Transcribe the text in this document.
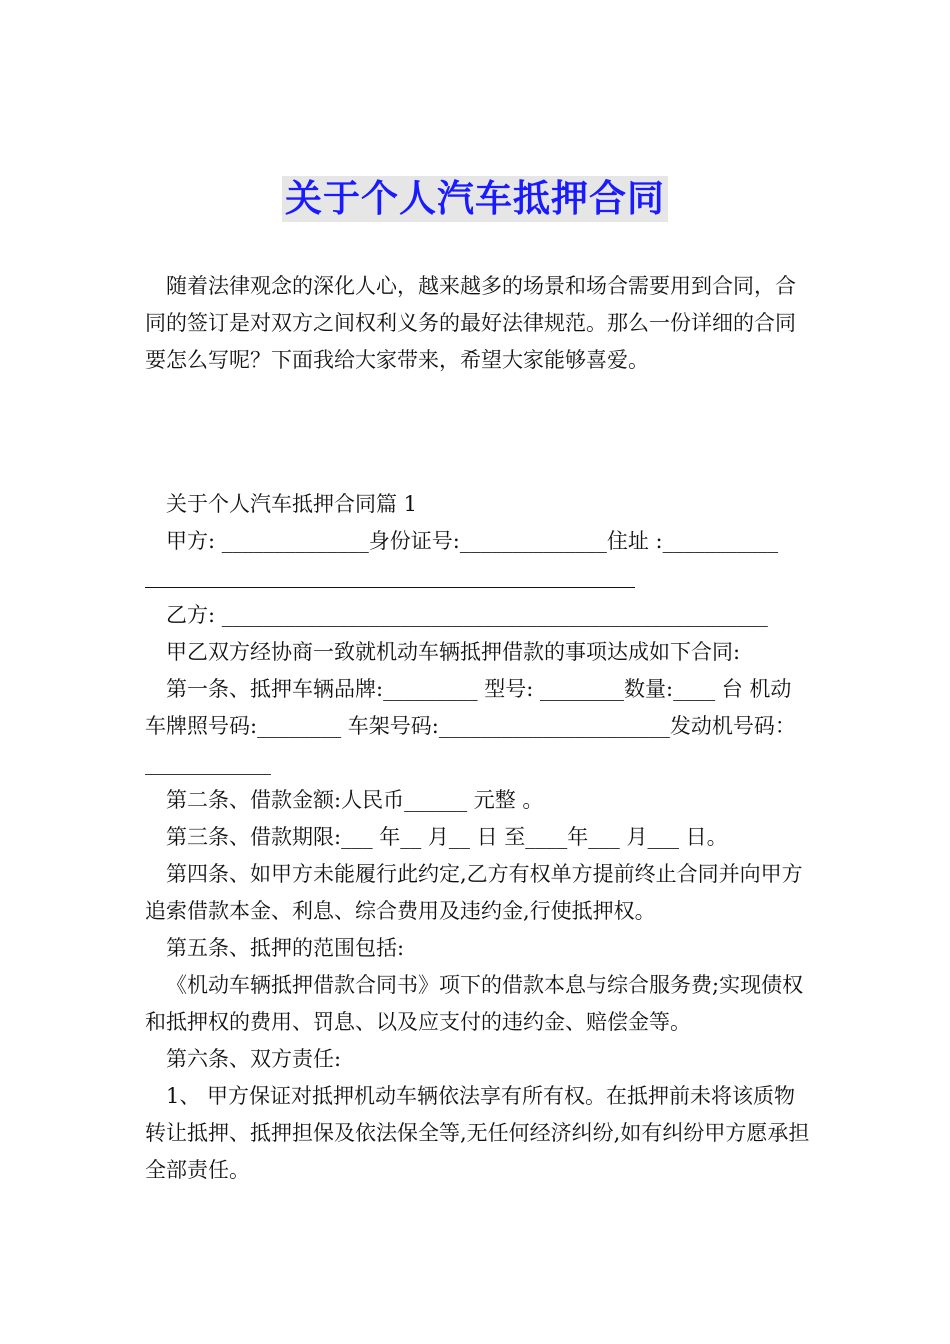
关于个人汽车抵押合同

随着法律观念的深化人心，越来越多的场景和场合需要用到合同，合同的签订是对双方之间权利义务的最好法律规范。那么一份详细的合同要怎么写呢？下面我给大家带来，希望大家能够喜爱。

关于个人汽车抵押合同篇 1

甲方: ______________身份证号:______________住址 :___________

乙方: ____________________________________________________

甲乙双方经协商一致就机动车辆抵押借款的事项达成如下合同:

第一条、抵押车辆品牌:_________ 型号: ________数量:____ 台 机动车牌照号码:________ 车架号码:______________________发动机号码：____________

第二条、借款金额:人民币______ 元整 。

第三条、借款期限:___ 年__ 月__ 日 至____年___ 月___ 日。

第四条、如甲方未能履行此约定,乙方有权单方提前终止合同并向甲方追索借款本金、利息、综合费用及违约金,行使抵押权。

第五条、抵押的范围包括:

《机动车辆抵押借款合同书》项下的借款本息与综合服务费;实现债权和抵押权的费用、罚息、以及应支付的违约金、赔偿金等。

第六条、双方责任:

1、 甲方保证对抵押机动车辆依法享有所有权。在抵押前未将该质物转让抵押、抵押担保及依法保全等,无任何经济纠纷,如有纠纷甲方愿承担全部责任。
